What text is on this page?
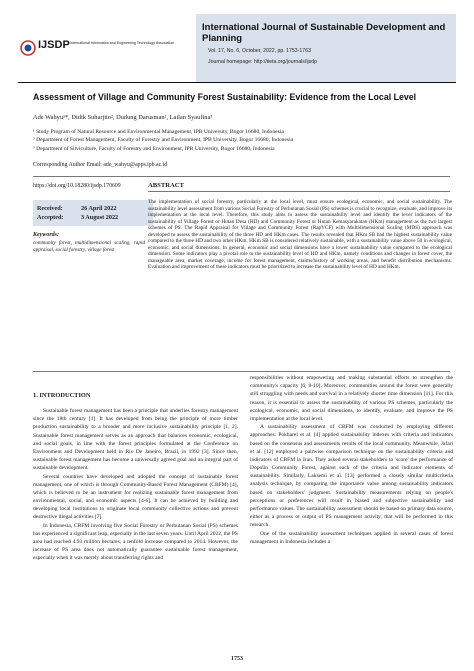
IJSDP International Information and Engineering Technology Association
International Journal of Sustainable Development and Planning
Vol. 17, No. 6, October, 2022, pp. 1753-1763
Journal homepage: http://iieta.org/journals/ijsdp
Assessment of Village and Community Forest Sustainability: Evidence from the Local Level
Ade Wahyu¹*, Didik Suharjito², Dudung Darusman², Lailan Syaufina³
¹ Study Program of Natural Resource and Environmental Management, IPB University, Bogor 16680, Indonesia
² Department of Forest Management, Faculty of Forestry and Environment, IPB University, Bogor 16680, Indonesia
³ Department of Silviculture, Faculty of Forestry and Environment, IPB University, Bogor 16680, Indonesia
Corresponding Author Email: ade_wahyu@apps.ipb.ac.id
https://doi.org/10.18280/ijsdp.170609
Received:	26 April 2022
Accepted:	3 August 2022
Keywords:
community forest, multidimensional scaling, rapid appraisal, social forestry, village forest
ABSTRACT
The implementation of social forestry, particularly at the local level, must ensure ecological, economic, and social sustainability. The sustainability level assessment from various Social Forestry of Perhutanan Sosial (PS) schemes is crucial to recognize, evaluate, and improve its implementation at the local level. Therefore, this study aims to assess the sustainability level and identify the lever indicators of the sustainability of Village Forest or Hutan Desa (HD) and Community Forest or Hutan Kemasyarakatan (HKm) management as the two largest schemes of PS. The Rapid Appraisal for Village and Community Forest (RapVCF) with Multidimensional Scaling (MDS) approach was developed to assess the sustainability of the three HD and HKm cases. The results revealed that HKm SB had the highest sustainability value compared to the three HD and two other HKm. HKm SB is considered relatively sustainable, with a sustainability value above 50 in ecological, economic, and social dimensions. In general, economic and social dimensions have a lower sustainability value compared to the ecological dimension. Some indicators play a pivotal role to the sustainability level of HD and HKm, namely conditions and changes in forest cover, the manageable area, market coverage, income for forest management, claims/history of working areas, and benefit distribution mechanisms. Evaluation and improvement of these indicators must be prioritized to increase the sustainability level of HD and HKm.
1. INTRODUCTION

Sustainable forest management has been a principle that underlies forestry management since the 18th century [1]. It has developed from being the principle of more timber production sustainability to a broader and more inclusive sustainability principle [1, 2]. Sustainable forest management serves as an approach that balances economic, ecological, and social goals, in line with the forest principles formulated at the Conference on Environment and Development held in Rio De Janeiro, Brazil, in 1992 [3]. Since then, sustainable forest management has become a universally agreed goal and an integral part of sustainable development.

Several countries have developed and adopted the concept of sustainable forest management, one of which is through Community-Based Forest Management (CBFM) [4], which is believed to be an instrument for realizing sustainable forest management from environmental, social, and economic aspects [4-6]. It can be achieved by building and developing local institutions to originate local community collective actions and prevent destructive illegal activities [7].

In Indonesia, CBFM involving five Social Forestry or Perhutanan Sosial (PS) schemes has experienced a significant leap, especially in the last seven years. Until April 2022, the PS area had reached 4.93 million hectares, a tenfold increase compared to 2014. However, the increase of PS area does not automatically guarantee sustainable forest management, especially when it was merely about transferring rights and

responsibilities without empowering and making substantial efforts to strengthen the community's capacity [6, 8-10]. Moreover, communities around the forest were generally still struggling with needs and survival in a relatively shorter time dimension [11]. For this reason, it is essential to assess the sustainability of various PS schemes, particularly the ecological, economic, and social dimensions, to identify, evaluate, and improve the PS implementation at the local level.

A sustainability assessment of CBFM was conducted by employing different approaches. Pokharel et al. [4] applied sustainability indexes with criteria and indicators based on the consensus and assessments results of the local community. Meanwhile, Jafari et al. [12] employed a pairwise comparison technique on the sustainability criteria and indicators of CBFM in Iran. They asked several stakeholders to 'score' the performance of Dopolin Community Forest, against each of the criteria and indicator elements of sustainability. Similarly, Laksemi et al. [13] performed a closely similar multicriteria analysis technique, by comparing the importance value among sustainability indicators based on stakeholders' judgment. Sustainability measurements relying on people's perceptions or preferences will result in biased and subjective sustainability and performance values. The sustainability assessment should be based on primary data source, either as a process or output of PS management activity, that will be performed in this research.

One of the sustainability assessment techniques applied in several cases of forest management in Indonesia includes a

1753
